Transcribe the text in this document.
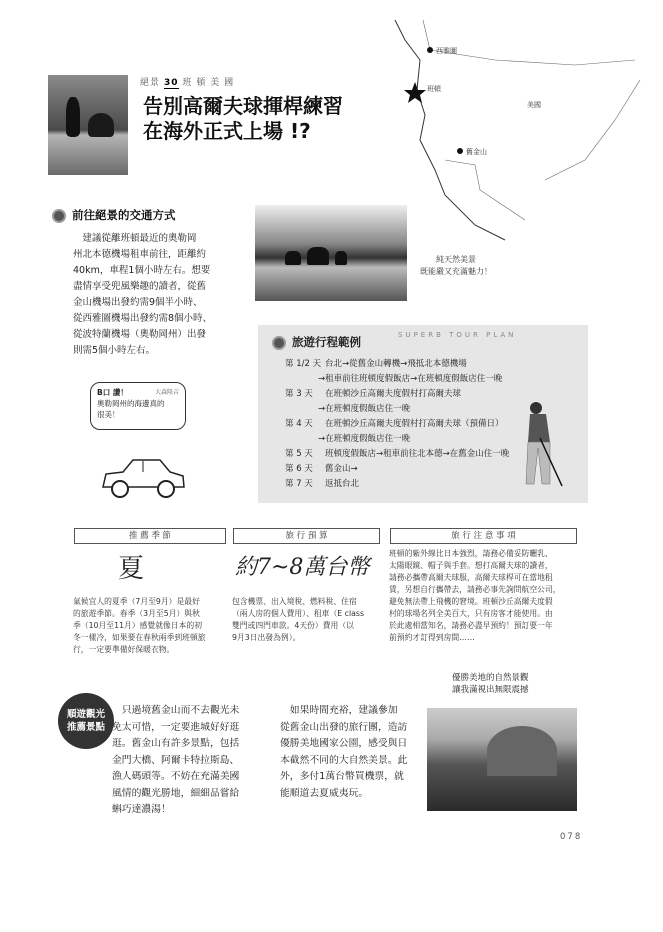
絕景 30 班 頓 美 國
告別高爾夫球揮桿練習
在海外正式上場 !?
西雅圖
班頓
美國
舊金山
前往絕景的交通方式
建議從離班頓最近的奧勒岡
州北本德機場租車前往，距離約
40km，車程1個小時左右。想要
盡情享受兜風樂趣的讀者，從舊
金山機場出發約需9個半小時、
從西雅圖機場出發約需8個小時、
從波特蘭機場（奧勒岡州）出發
則需5個小時左右。
純天然美景
既能嚴又充滿魅力！
B口 讚！	大森隆吉
奧勒岡州的海邊真的
很美！
SUPERB TOUR PLAN
旅遊行程範例
第 1/2 天 台北→從舊金山轉機→飛抵北本德機場
→租車前往班頓度假飯店→在班頓度假飯店住一晚
第 3 天 在班頓沙丘高爾夫度假村打高爾夫球
→在班頓度假飯店住一晚
第 4 天 在班頓沙丘高爾夫度假村打高爾夫球（預備日）
→在班頓度假飯店住一晚
第 5 天 班頓度假飯店→租車前往北本德→在舊金山住一晚
第 6 天 舊金山→
第 7 天 返抵台北
推 薦 季 節	旅 行 預 算	旅 行 注 意 事 項
夏	約7~8萬台幣
氣候宜人的夏季（7月至9月）是最好
的旅遊季節。春季（3月至5月）與秋
季（10月至11月）感覺就像日本的初
冬一樣冷，如果要在春秋兩季到班頓旅
行，一定要準備好保暖衣物。
包含機票、出入境稅、燃料稅、住宿
（兩人房的個人費用）、租車（E class
雙門或四門車款。4天份）費用（以
9月3日出發為例）。
班頓的紫外線比日本強烈，請務必備妥防曬乳、
太陽眼鏡、帽子與手套。想打高爾夫球的讀者，
請務必攜帶高爾夫球服，高爾夫球桿可在當地租
賃，另想自行攜帶去，請務必事先詢問航空公司，
避免無法帶上飛機的窘境。班頓沙丘高爾夫度假
村的球場名列全美百大，只有房客才能使用。由
於此處相當知名，請務必盡早預約！預訂要一年
前預約才訂得到房間……
順遊觀光
推薦景點
只過境舊金山而不去觀光未
免太可惜，一定要進城好好逛
逛。舊金山有許多景點，包括
金門大橋、阿爾卡特拉斯島、
漁人碼頭等。不妨在充滿美國
風情的觀光勝地，細細品嘗給
蝌巧達濃湯！
如果時間充裕，建議參加
從舊金山出發的旅行團，造訪
優勝美地國家公園，感受與日
本截然不同的大自然美景。此
外，多付1萬台幣買機票，就
能順道去夏威夷玩。
優勝美地的自然景觀
讓我滿視出無限震撼
078
